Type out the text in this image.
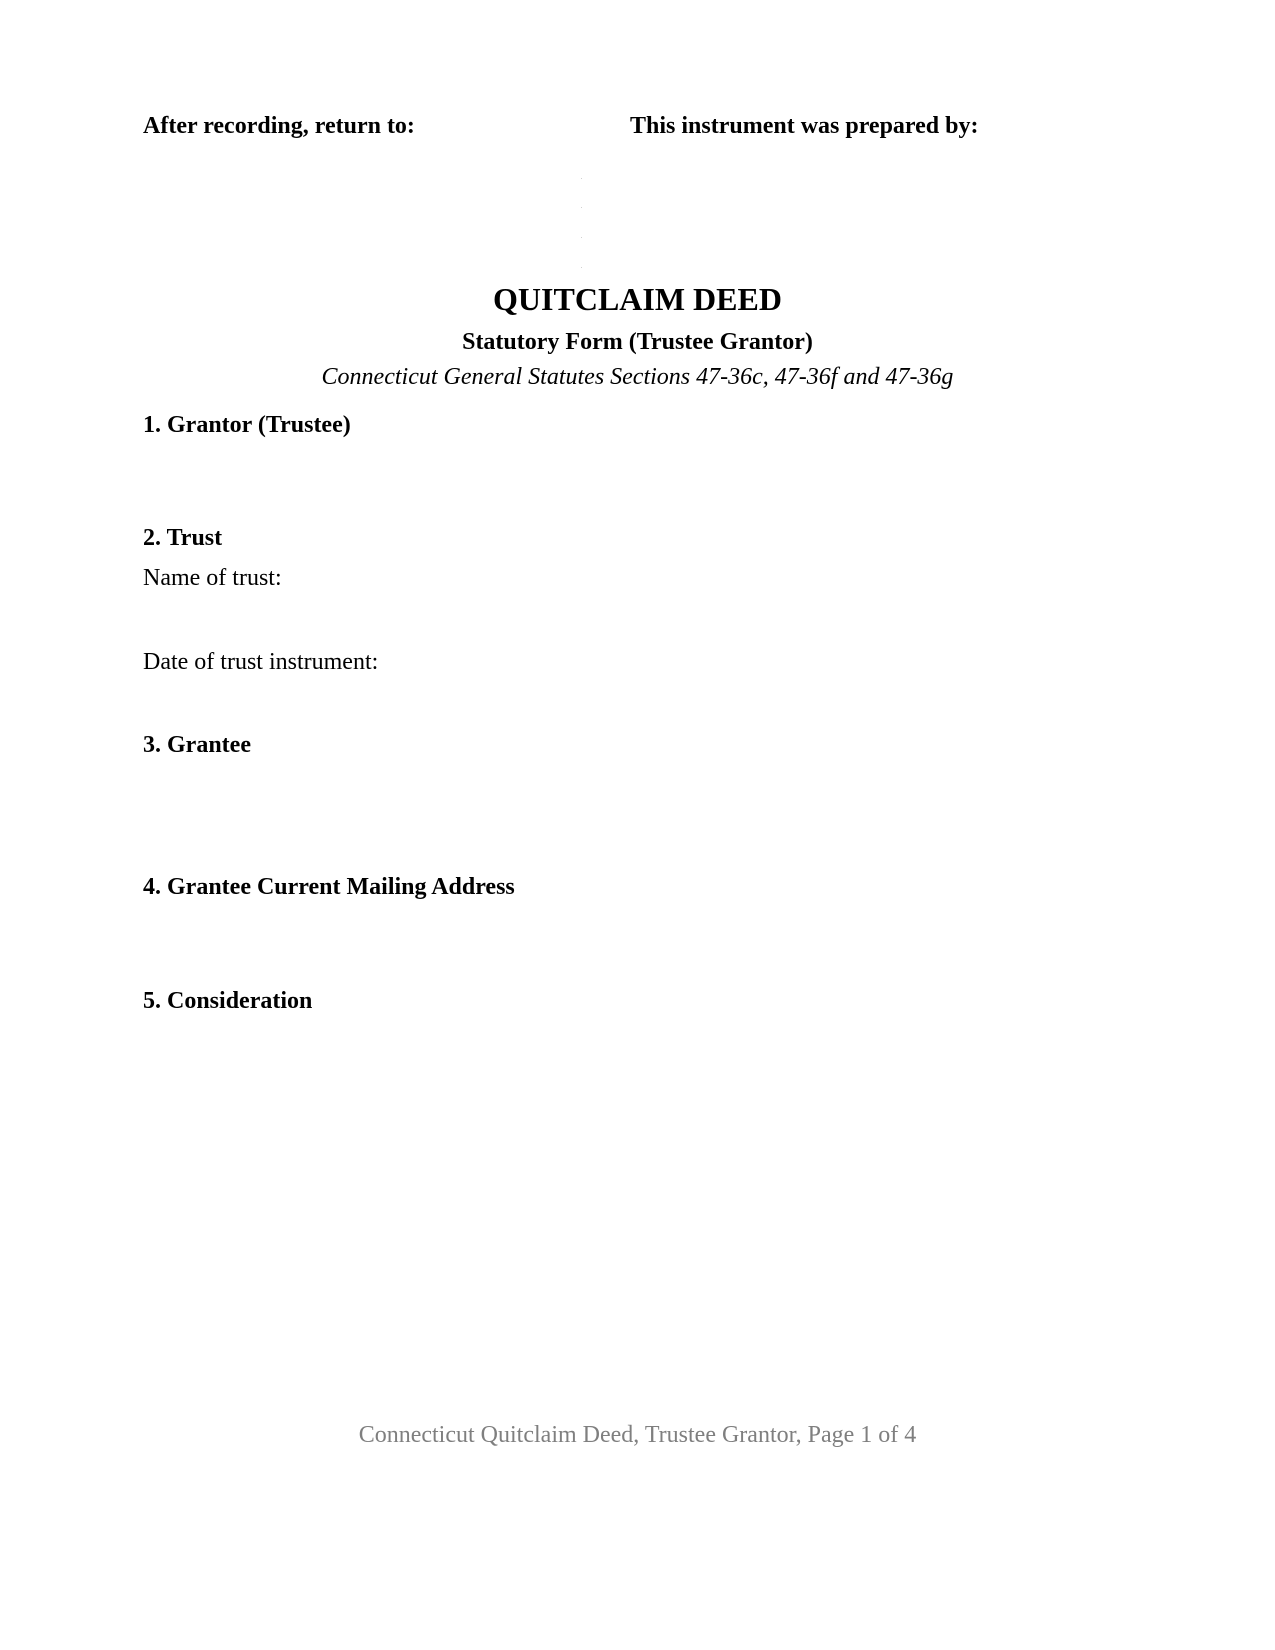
After recording, return to:	This instrument was prepared by:
QUITCLAIM DEED
Statutory Form (Trustee Grantor)
Connecticut General Statutes Sections 47-36c, 47-36f and 47-36g
1. Grantor (Trustee)
2. Trust
Name of trust:
Date of trust instrument:
3. Grantee
4. Grantee Current Mailing Address
5. Consideration
Connecticut Quitclaim Deed, Trustee Grantor, Page 1 of 4
